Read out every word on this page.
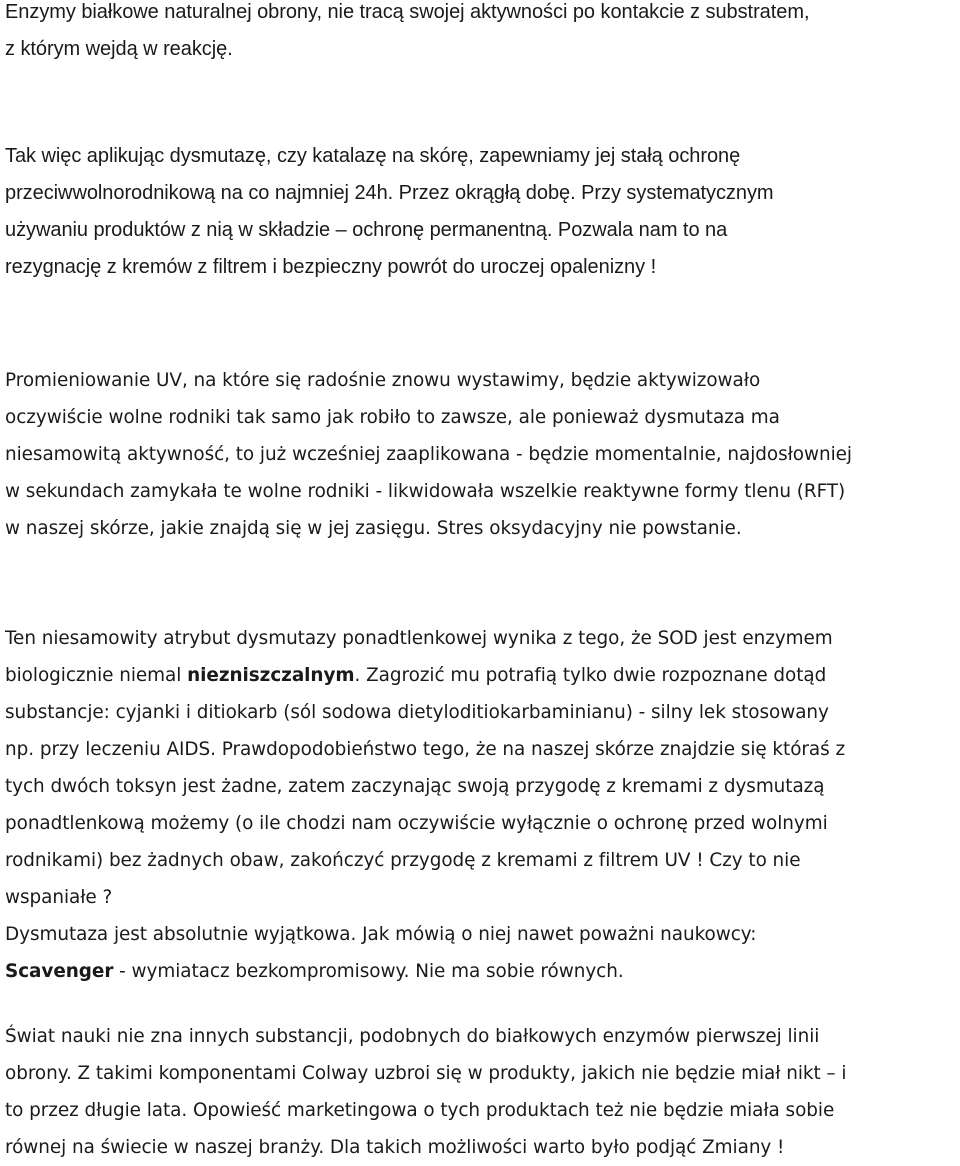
Enzymy białkowe naturalnej obrony, nie tracą swojej aktywności po kontakcie z substratem,
z którym wejdą w reakcję.

Tak więc aplikując dysmutazę, czy katalazę na skórę, zapewniamy jej stałą ochronę
przeciwwolnorodnikową na co najmniej 24h. Przez okrągłą dobę. Przy systematycznym
używaniu produktów z nią w składzie – ochronę permanentną. Pozwala nam to na
rezygnację z kremów z filtrem i bezpieczny powrót do uroczej opalenizny !

Promieniowanie UV, na które się radośnie znowu wystawimy, będzie aktywizowało
oczywiście wolne rodniki tak samo jak robiło to zawsze, ale ponieważ dysmutaza ma
niesamowitą aktywność, to już wcześniej zaaplikowana - będzie momentalnie, najdosłowniej
w sekundach zamykała te wolne rodniki - likwidowała wszelkie reaktywne formy tlenu (RFT)
w naszej skórze, jakie znajdą się w jej zasięgu. Stres oksydacyjny nie powstanie.

Ten niesamowity atrybut dysmutazy ponadtlenkowej wynika z tego, że SOD jest enzymem
biologicznie niemal niezniszczalnym. Zagrozić mu potrafią tylko dwie rozpoznane dotąd
substancje: cyjanki i ditiokarb (sól sodowa dietyloditiokarbaminianu) - silny lek stosowany
np. przy leczeniu AIDS. Prawdopodobieństwo tego, że na naszej skórze znajdzie się któraś z
tych dwóch toksyn jest żadne, zatem zaczynając swoją przygodę z kremami z dysmutazą
ponadtlenkową możemy (o ile chodzi nam oczywiście wyłącznie o ochronę przed wolnymi
rodnikami) bez żadnych obaw, zakończyć przygodę z kremami z filtrem UV ! Czy to nie
wspaniałe ?

Dysmutaza jest absolutnie wyjątkowa. Jak mówią o niej nawet poważni naukowcy:
Scavenger - wymiatacz bezkompromisowy. Nie ma sobie równych.

Świat nauki nie zna innych substancji, podobnych do białkowych enzymów pierwszej linii
obrony. Z takimi komponentami Colway uzbroi się w produkty, jakich nie będzie miał nikt – i
to przez długie lata. Opowieść marketingowa o tych produktach też nie będzie miała sobie
równej na świecie w naszej branży. Dla takich możliwości warto było podjąć Zmiany !
